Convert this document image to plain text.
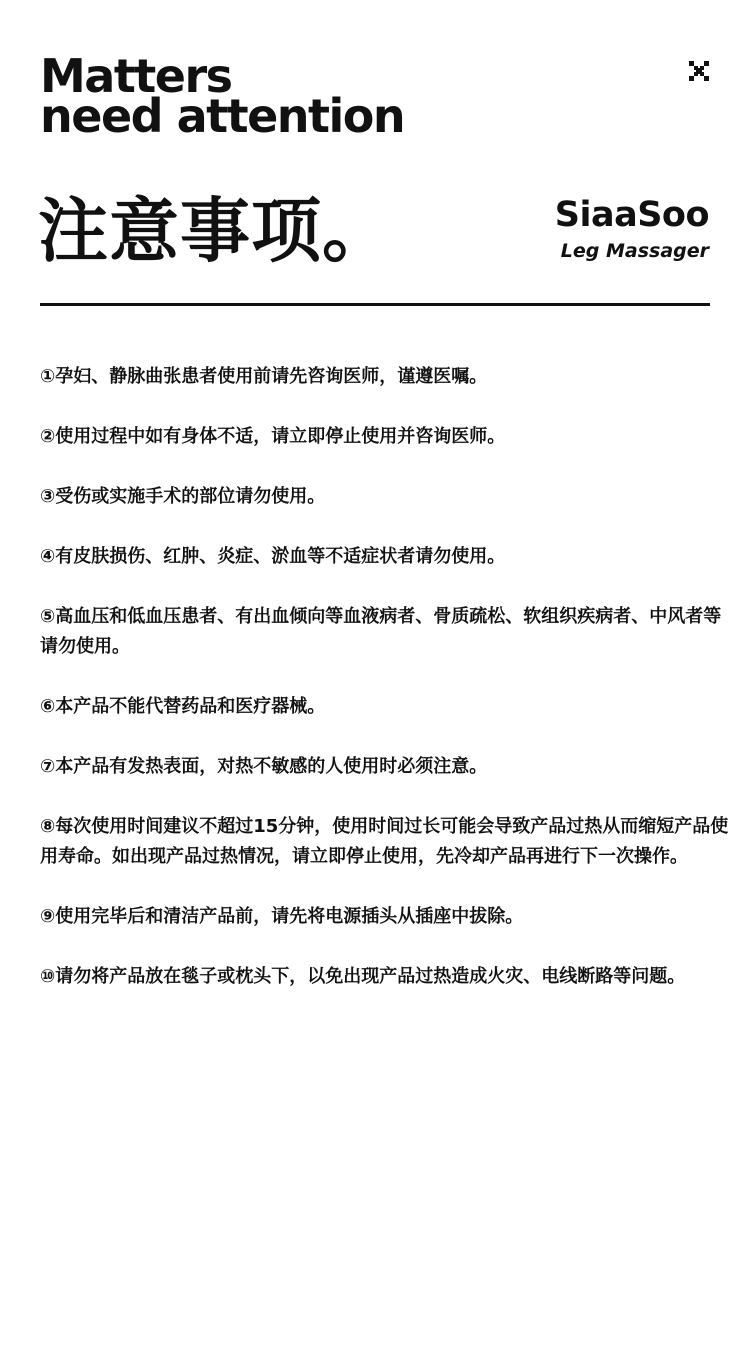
Matters
need attention
注意事项。	SiaaSoo
Leg Massager
①孕妇、静脉曲张患者使用前请先咨询医师，谨遵医嘱。
②使用过程中如有身体不适，请立即停止使用并咨询医师。
③受伤或实施手术的部位请勿使用。
④有皮肤损伤、红肿、炎症、淤血等不适症状者请勿使用。
⑤高血压和低血压患者、有出血倾向等血液病者、骨质疏松、软组织疾病者、中风者等请勿使用。
⑥本产品不能代替药品和医疗器械。
⑦本产品有发热表面，对热不敏感的人使用时必须注意。
⑧每次使用时间建议不超过15分钟，使用时间过长可能会导致产品过热从而缩短产品使用寿命。如出现产品过热情况，请立即停止使用，先冷却产品再进行下一次操作。
⑨使用完毕后和清洁产品前，请先将电源插头从插座中拔除。
⑩请勿将产品放在毯子或枕头下，以免出现产品过热造成火灾、电线断路等问题。
